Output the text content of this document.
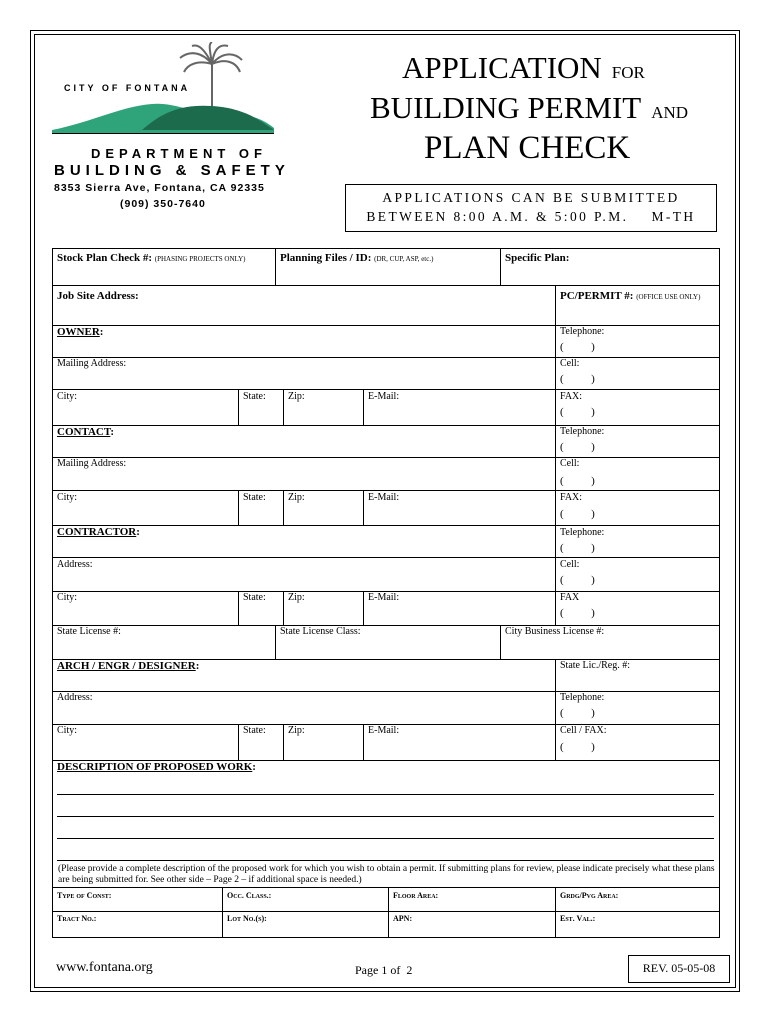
CITY OF FONTANA
DEPARTMENT OF
BUILDING & SAFETY
8353 Sierra Ave, Fontana, CA 92335
(909) 350-7640
APPLICATION FOR
BUILDING PERMIT AND
PLAN CHECK
APPLICATIONS CAN BE SUBMITTED
BETWEEN 8:00 A.M. & 5:00 P.M.    M-TH
Stock Plan Check #: (PHASING PROJECTS ONLY)	Planning Files / ID: (DR, CUP, ASP, etc.)	Specific Plan:
Job Site Address:	PC/PERMIT #: (OFFICE USE ONLY)
OWNER:	Telephone:
(          )
Mailing Address:	Cell:
(          )
City:	State: Zip:	E-Mail:	FAX:
(          )
CONTACT:	Telephone:
(          )
Mailing Address:	Cell:
(          )
City:	State: Zip:	E-Mail:	FAX:
(          )
CONTRACTOR:	Telephone:
(          )
Address:	Cell:
(          )
City:	State: Zip:	E-Mail:	FAX
(          )
State License #:	State License Class:	City Business License #:
ARCH / ENGR / DESIGNER:	State Lic./Reg. #:
Address:	Telephone:
(          )
City:	State: Zip:	E-Mail:	Cell / FAX:
(          )
DESCRIPTION OF PROPOSED WORK:
(Please provide a complete description of the proposed work for which you wish to obtain a permit. If submitting plans for review, please indicate precisely what these plans are being submitted for. See other side – Page 2 – if additional space is needed.)
Type of Const:	Occ. Class.:	Floor Area:	Grdg/Pvg Area:
Tract No.:	Lot No.(s):	APN:	Est. Val.:
www.fontana.org	Page 1 of  2	REV. 05-05-08
